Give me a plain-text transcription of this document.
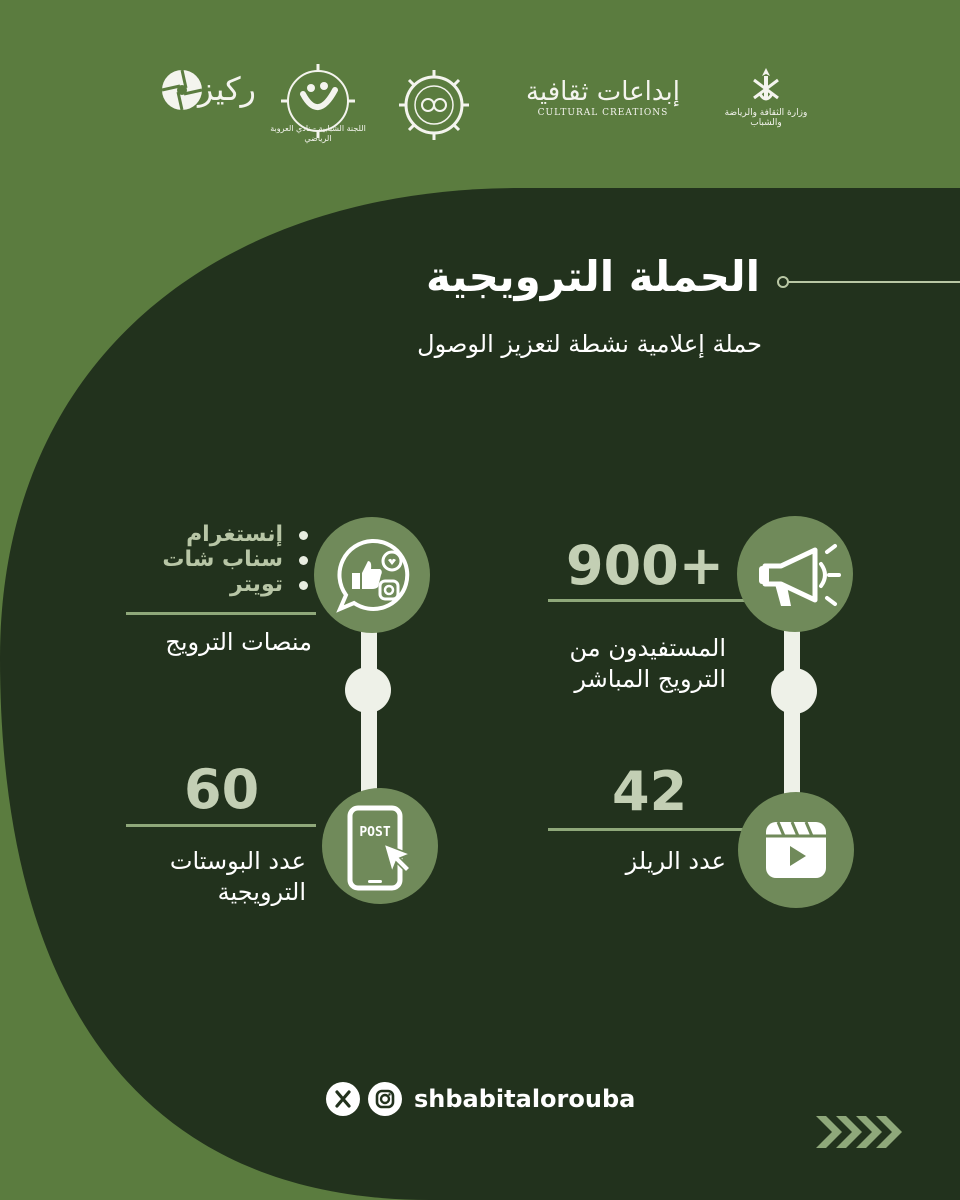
وزارة الثقافة والرياضة والشباب
إبداعات ثقافية
CULTURAL CREATIONS
اللجنة الشبابية - نادي العروبة الرياضي
ركيز
الحملة الترويجية
حملة إعلامية نشطة لتعزيز الوصول
900+
المستفيدون من
الترويج المباشر
إنستغرام
سناب شات
تويتر
منصات الترويج
42
عدد الريلز
60
عدد البوستات
الترويجية
POST
shbabitalorouba
